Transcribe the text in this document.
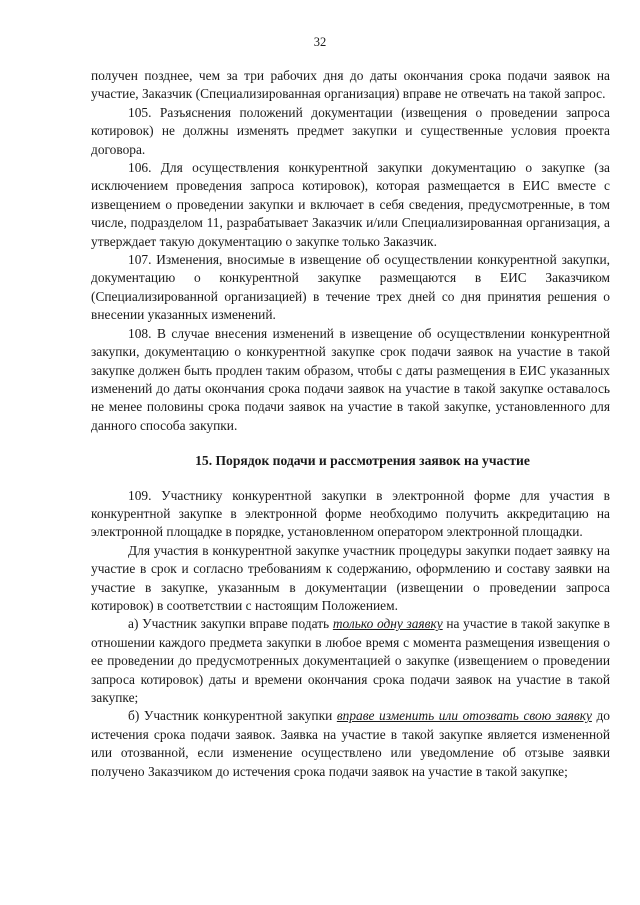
32

получен позднее, чем за три рабочих дня до даты окончания срока подачи заявок на участие, Заказчик (Специализированная организация) вправе не отвечать на такой запрос.

105. Разъяснения положений документации (извещения о проведении запроса котировок) не должны изменять предмет закупки и существенные условия проекта договора.

106. Для осуществления конкурентной закупки документацию о закупке (за исключением проведения запроса котировок), которая размещается в ЕИС вместе с извещением о проведении закупки и включает в себя сведения, предусмотренные, в том числе, подразделом 11, разрабатывает Заказчик и/или Специализированная организация, а утверждает такую документацию о закупке только Заказчик.

107. Изменения, вносимые в извещение об осуществлении конкурентной закупки, документацию о конкурентной закупке размещаются в ЕИС Заказчиком (Специализированной организацией) в течение трех дней со дня принятия решения о внесении указанных изменений.

108. В случае внесения изменений в извещение об осуществлении конкурентной закупки, документацию о конкурентной закупке срок подачи заявок на участие в такой закупке должен быть продлен таким образом, чтобы с даты размещения в ЕИС указанных изменений до даты окончания срока подачи заявок на участие в такой закупке оставалось не менее половины срока подачи заявок на участие в такой закупке, установленного для данного способа закупки.

15. Порядок подачи и рассмотрения заявок на участие

109. Участнику конкурентной закупки в электронной форме для участия в конкурентной закупке в электронной форме необходимо получить аккредитацию на электронной площадке в порядке, установленном оператором электронной площадки.

Для участия в конкурентной закупке участник процедуры закупки подает заявку на участие в срок и согласно требованиям к содержанию, оформлению и составу заявки на участие в закупке, указанным в документации (извещении о проведении запроса котировок) в соответствии с настоящим Положением.

а) Участник закупки вправе подать только одну заявку на участие в такой закупке в отношении каждого предмета закупки в любое время с момента размещения извещения о ее проведении до предусмотренных документацией о закупке (извещением о проведении запроса котировок) даты и времени окончания срока подачи заявок на участие в такой закупке;

б) Участник конкурентной закупки вправе изменить или отозвать свою заявку до истечения срока подачи заявок. Заявка на участие в такой закупке является измененной или отозванной, если изменение осуществлено или уведомление об отзыве заявки получено Заказчиком до истечения срока подачи заявок на участие в такой закупке;
